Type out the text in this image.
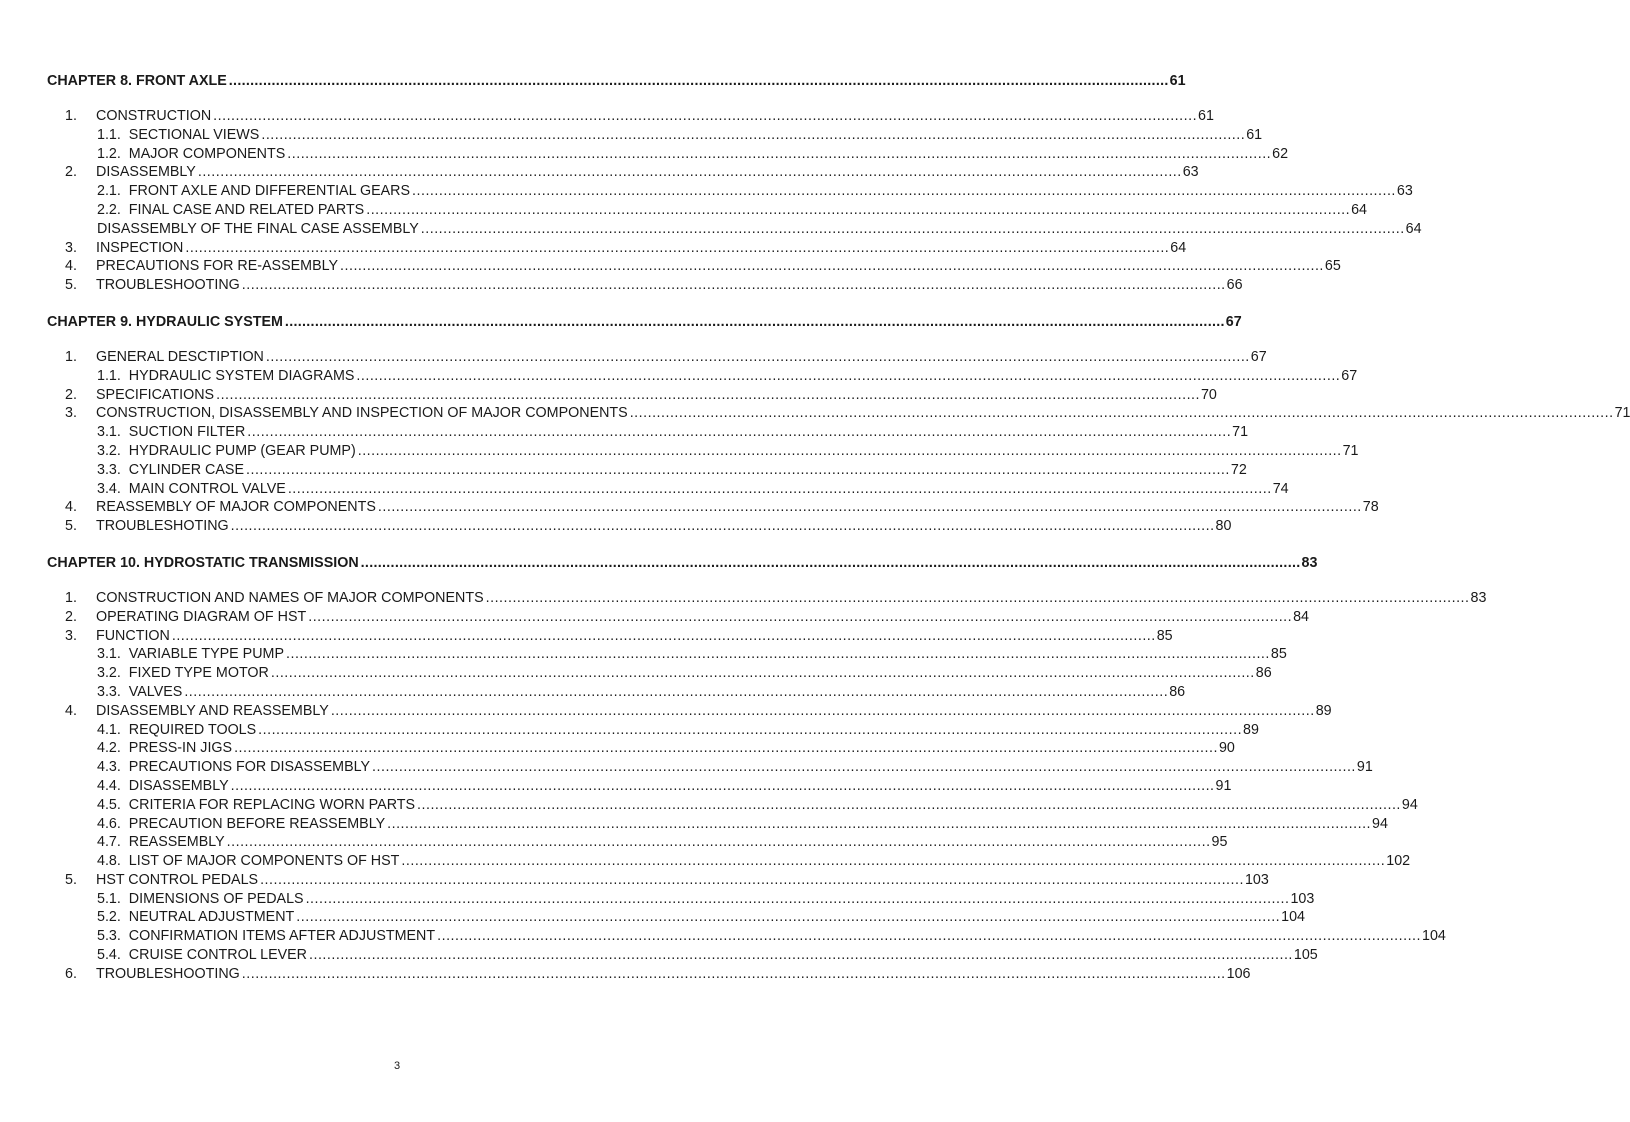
CHAPTER 8. FRONT AXLE ............................................................................................................................................................................................................................ 61
1. CONSTRUCTION ............................................................................................................................................................................................................................ 61
1.1.  SECTIONAL VIEWS ............................................................................................................................................................................................................................ 61
1.2.  MAJOR COMPONENTS ............................................................................................................................................................................................................................ 62
2. DISASSEMBLY ............................................................................................................................................................................................................................ 63
2.1.  FRONT AXLE AND DIFFERENTIAL GEARS ............................................................................................................................................................................................................................ 63
2.2.  FINAL CASE AND RELATED PARTS ............................................................................................................................................................................................................................ 64
DISASSEMBLY OF THE FINAL CASE ASSEMBLY ............................................................................................................................................................................................................................ 64
3. INSPECTION ............................................................................................................................................................................................................................ 64
4. PRECAUTIONS FOR RE-ASSEMBLY ............................................................................................................................................................................................................................ 65
5. TROUBLESHOOTING ............................................................................................................................................................................................................................ 66
CHAPTER 9. HYDRAULIC SYSTEM ............................................................................................................................................................................................................................ 67
1. GENERAL DESCTIPTION ............................................................................................................................................................................................................................ 67
1.1.  HYDRAULIC SYSTEM DIAGRAMS ............................................................................................................................................................................................................................ 67
2. SPECIFICATIONS ............................................................................................................................................................................................................................ 70
3. CONSTRUCTION, DISASSEMBLY AND INSPECTION OF MAJOR COMPONENTS ............................................................................................................................................................................................................................ 71
3.1.  SUCTION FILTER ............................................................................................................................................................................................................................ 71
3.2.  HYDRAULIC PUMP (GEAR PUMP) ............................................................................................................................................................................................................................ 71
3.3.  CYLINDER CASE ............................................................................................................................................................................................................................ 72
3.4.  MAIN CONTROL VALVE ............................................................................................................................................................................................................................ 74
4. REASSEMBLY OF MAJOR COMPONENTS ............................................................................................................................................................................................................................ 78
5. TROUBLESHOTING ............................................................................................................................................................................................................................ 80
CHAPTER 10. HYDROSTATIC TRANSMISSION ............................................................................................................................................................................................................................ 83
1. CONSTRUCTION AND NAMES OF MAJOR COMPONENTS ............................................................................................................................................................................................................................ 83
2. OPERATING DIAGRAM OF HST ............................................................................................................................................................................................................................ 84
3. FUNCTION ............................................................................................................................................................................................................................ 85
3.1.  VARIABLE TYPE PUMP ............................................................................................................................................................................................................................ 85
3.2.  FIXED TYPE MOTOR ............................................................................................................................................................................................................................ 86
3.3.  VALVES ............................................................................................................................................................................................................................ 86
4. DISASSEMBLY AND REASSEMBLY ............................................................................................................................................................................................................................ 89
4.1.  REQUIRED TOOLS ............................................................................................................................................................................................................................ 89
4.2.  PRESS-IN JIGS ............................................................................................................................................................................................................................ 90
4.3.  PRECAUTIONS FOR DISASSEMBLY ............................................................................................................................................................................................................................ 91
4.4.  DISASSEMBLY ............................................................................................................................................................................................................................ 91
4.5.  CRITERIA FOR REPLACING WORN PARTS ............................................................................................................................................................................................................................ 94
4.6.  PRECAUTION BEFORE REASSEMBLY ............................................................................................................................................................................................................................ 94
4.7.  REASSEMBLY ............................................................................................................................................................................................................................ 95
4.8.  LIST OF MAJOR COMPONENTS OF HST ............................................................................................................................................................................................................................ 102
5. HST CONTROL PEDALS ............................................................................................................................................................................................................................ 103
5.1.  DIMENSIONS OF PEDALS ............................................................................................................................................................................................................................ 103
5.2.  NEUTRAL ADJUSTMENT ............................................................................................................................................................................................................................ 104
5.3.  CONFIRMATION ITEMS AFTER ADJUSTMENT ............................................................................................................................................................................................................................ 104
5.4.  CRUISE CONTROL LEVER ............................................................................................................................................................................................................................ 105
6. TROUBLESHOOTING ............................................................................................................................................................................................................................ 106
3
